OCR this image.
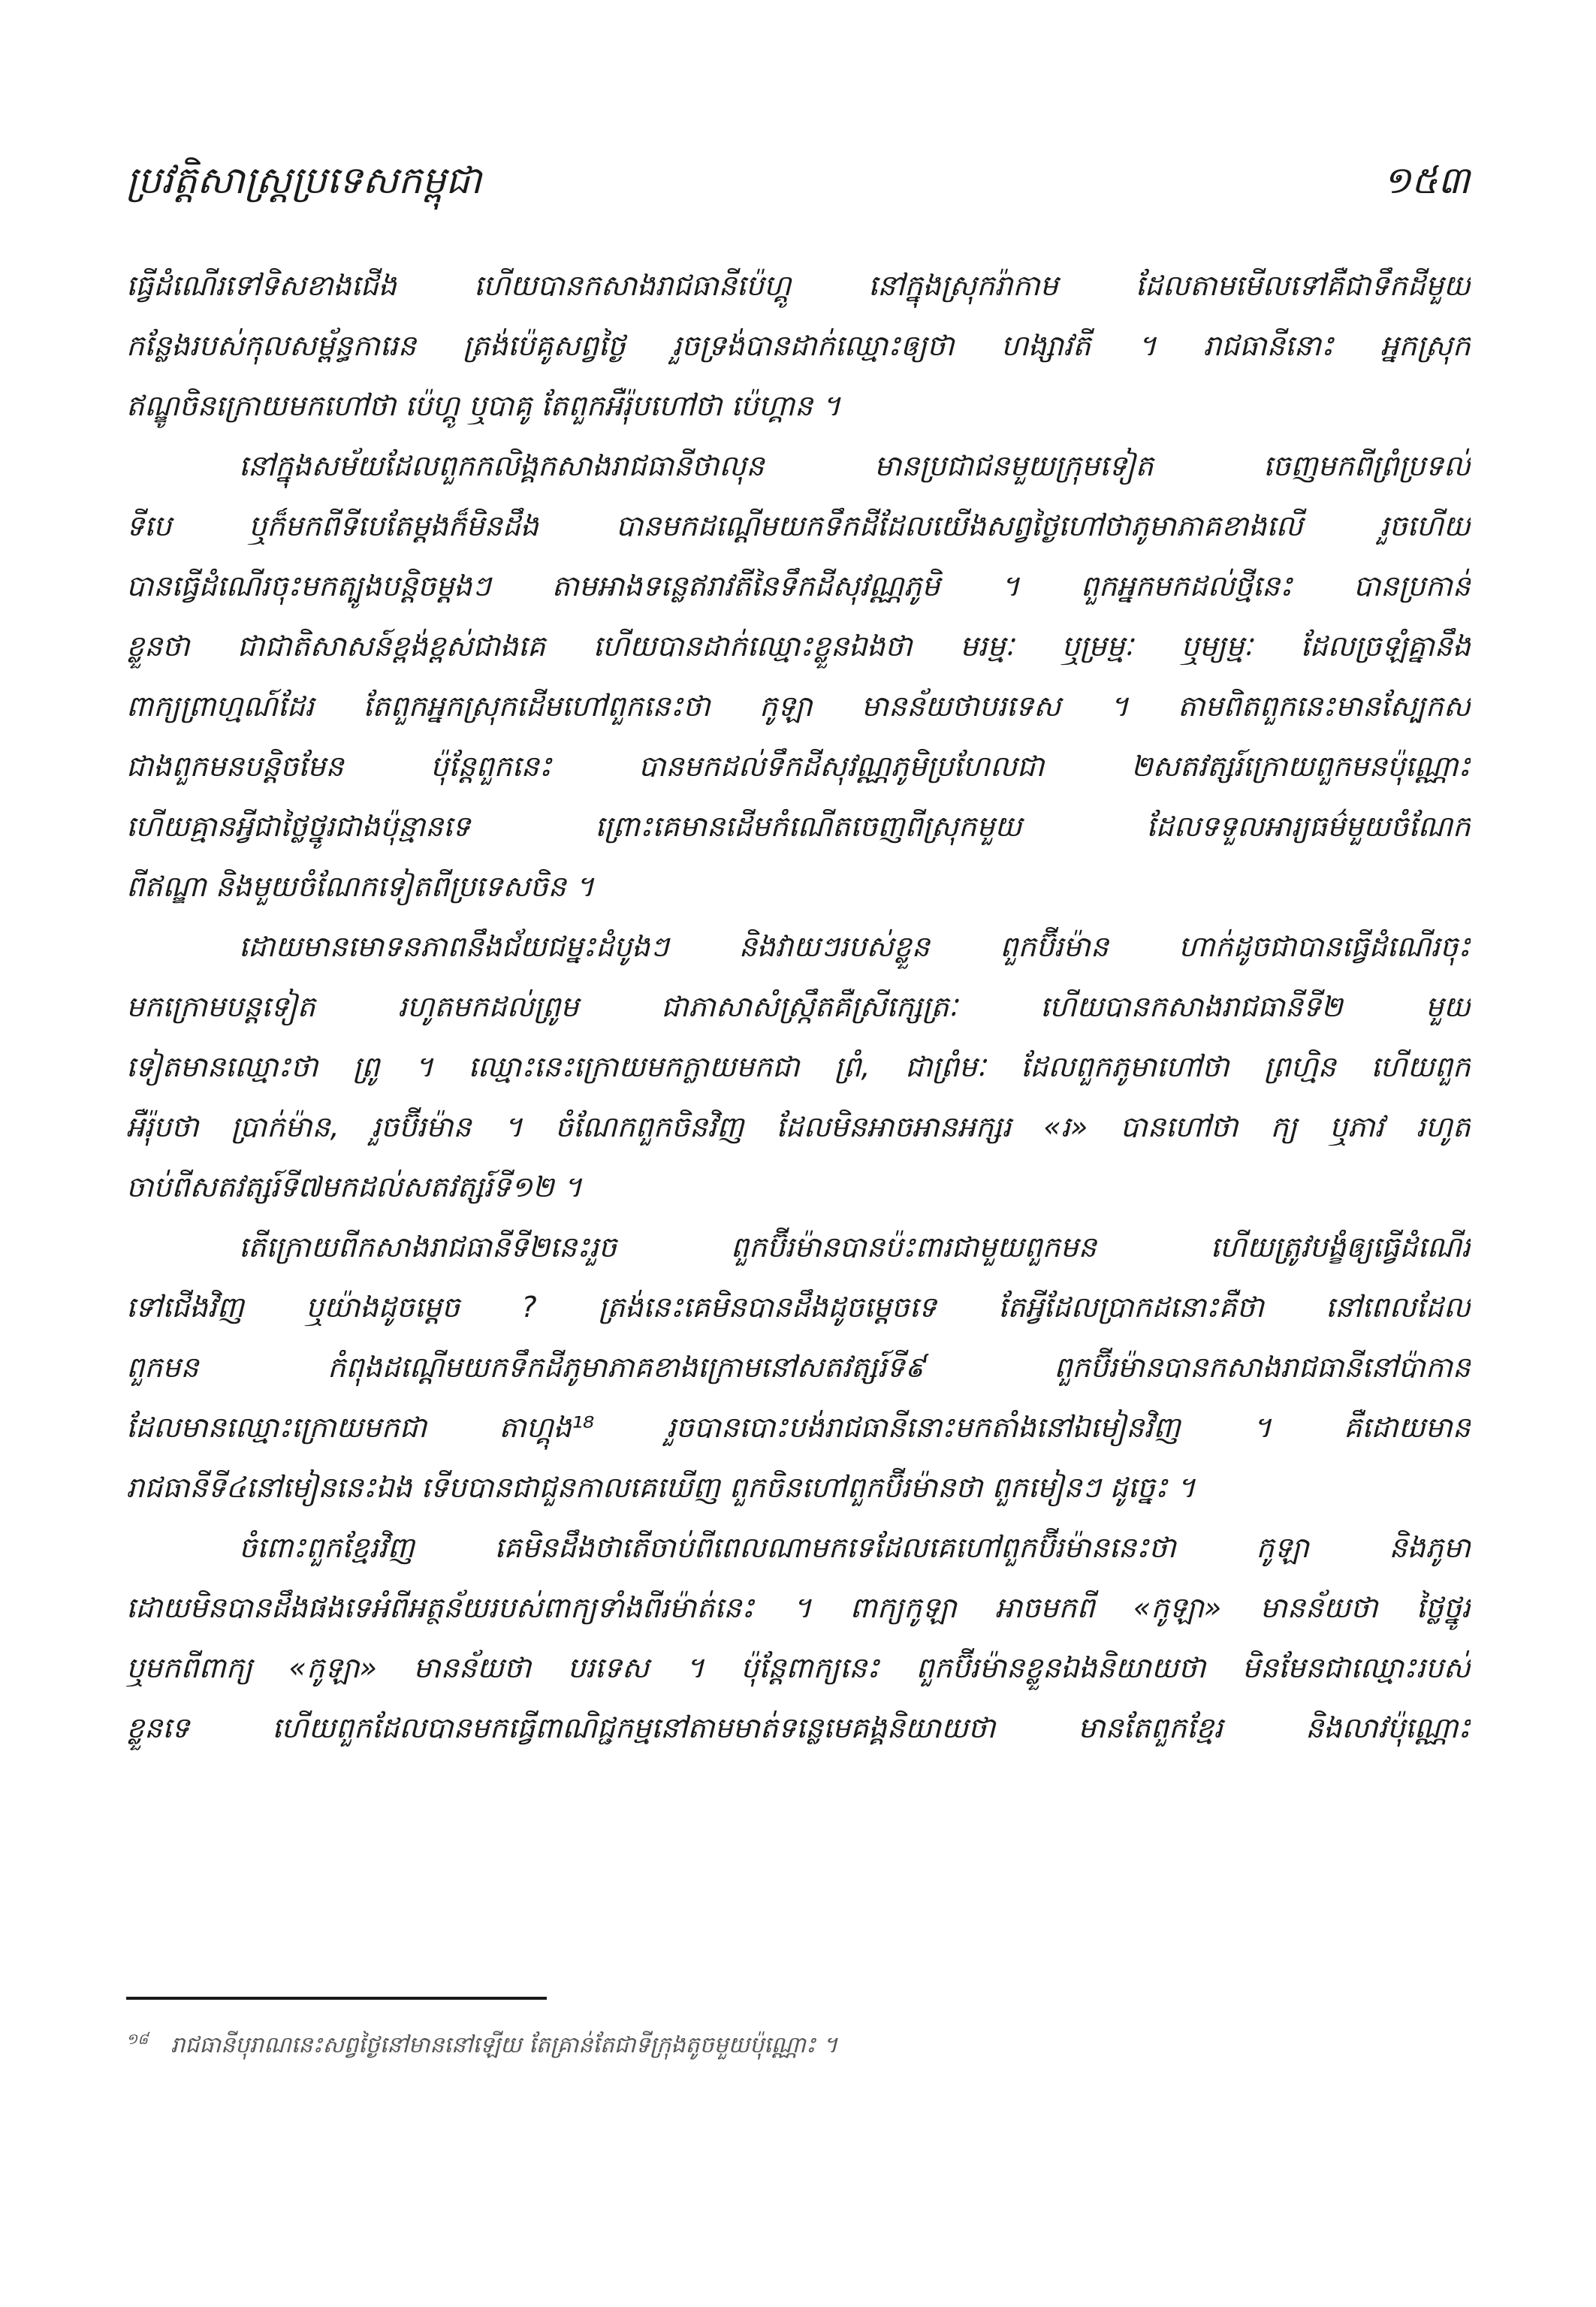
ប្រវត្តិសាស្ត្រប្រទេសកម្ពុជា	១៥៣
ធ្វើដំណើរទៅទិសខាងជើង ហើយបានកសាងរាជធានីប៉េហ្គូ នៅក្នុងស្រុករ៉ាកាម ដែលតាមមើលទៅគឺជាទឹកដីមួយ
កន្លែងរបស់កុលសម្ព័ន្ធការេន ត្រង់ប៉េគូសព្វថ្ងៃ រួចទ្រង់បានដាក់ឈ្មោះឲ្យថា ហង្សាវតី ។ រាជធានីនោះ អ្នកស្រុក
ឥណ្ឌូចិនក្រោយមកហៅថា ប៉េហ្គូ ឬបាគូ តែពួកអឺរ៉ុបហៅថា ប៉េហ្គាន ។
នៅក្នុងសម័យដែលពួកកលិង្គកសាងរាជធានីថាលុន មានប្រជាជនមួយក្រុមទៀត ចេញមកពីព្រំប្រទល់
ទីបេ ឬក៏មកពីទីបេតែម្ដងក៏មិនដឹង បានមកដណ្ដើមយកទឹកដីដែលយើងសព្វថ្ងៃហៅថាភូមាភាគខាងលើ រួចហើយ
បានធ្វើដំណើរចុះមកត្បូងបន្តិចម្ដងៗ តាមអាងទន្លេឥរាវតីនៃទឹកដីសុវណ្ណភូមិ ។ ពួកអ្នកមកដល់ថ្មីនេះ បានប្រកាន់
ខ្លួនថា ជាជាតិសាសន៍ខ្ពង់ខ្ពស់ជាងគេ ហើយបានដាក់ឈ្មោះខ្លួនឯងថា មរម្មៈ ឬម្រម្មៈ ឬម្យម្មៈ ដែលច្រឡំគ្នានឹង
ពាក្យព្រាហ្មណ៍ដែរ តែពួកអ្នកស្រុកដើមហៅពួកនេះថា កូឡា មានន័យថាបរទេស ។ តាមពិតពួកនេះមានស្បែកស
ជាងពួកមនបន្តិចមែន ប៉ុន្តែពួកនេះ បានមកដល់ទឹកដីសុវណ្ណភូមិប្រហែលជា ២សតវត្សរ៍ក្រោយពួកមនប៉ុណ្ណោះ
ហើយគ្មានអ្វីជាថ្លៃថ្នូរជាងប៉ុន្មានទេ ព្រោះគេមានដើមកំណើតចេញពីស្រុកមួយ ដែលទទួលអារ្យធម៌មួយចំណែក
ពីឥណ្ឌា និងមួយចំណែកទៀតពីប្រទេសចិន ។
ដោយមានមោទនភាពនឹងជ័យជម្នះដំបូងៗ និងវាយៗរបស់ខ្លួន ពួកប៊ីរម៉ាន ហាក់ដូចជាបានធ្វើដំណើរចុះ
មកក្រោមបន្តទៀត រហូតមកដល់ព្រូម ជាភាសាសំស្ក្រឹតគឺស្រីក្សេត្រៈ ហើយបានកសាងរាជធានីទី២ មួយ
ទៀតមានឈ្មោះថា ព្រូ ។ ឈ្មោះនេះក្រោយមកក្លាយមកជា ព្រំ, ជាព្រំមៈ ដែលពួកភូមាហៅថា ព្រហ្មិន ហើយពួក
អឺរ៉ុបថា ប្រាក់ម៉ាន, រួចប៊ីរម៉ាន ។ ចំណែកពួកចិនវិញ ដែលមិនអាចអានអក្សរ «រ» បានហៅថា ក្យ ឬភាវ រហូត
ចាប់ពីសតវត្សរ៍ទី៧មកដល់សតវត្សរ៍ទី១២ ។
តើក្រោយពីកសាងរាជធានីទី២នេះរួច ពួកប៊ីរម៉ានបានប៉ះពារជាមួយពួកមន ហើយត្រូវបង្ខំឲ្យធ្វើដំណើរ
ទៅជើងវិញ ឬយ៉ាងដូចម្ដេច ? ត្រង់នេះគេមិនបានដឹងដូចម្ដេចទេ តែអ្វីដែលប្រាកដនោះគឺថា នៅពេលដែល
ពួកមន កំពុងដណ្ដើមយកទឹកដីភូមាភាគខាងក្រោមនៅសតវត្សរ៍ទី៩ ពួកប៊ីរម៉ានបានកសាងរាជធានីនៅប៉ាកាន
ដែលមានឈ្មោះក្រោយមកជា តាហ្គុង¹⁸ រួចបានបោះបង់រាជធានីនោះមកតាំងនៅឯមៀនវិញ ។ គឺដោយមាន
រាជធានីទី៤នៅមៀននេះឯង ទើបបានជាជួនកាលគេឃើញ ពួកចិនហៅពួកប៊ីរម៉ានថា ពួកមៀនៗ ដូច្នេះ ។
ចំពោះពួកខ្មែរវិញ គេមិនដឹងថាតើចាប់ពីពេលណាមកទេដែលគេហៅពួកប៊ីរម៉ាននេះថា កូឡា និងភូមា
ដោយមិនបានដឹងផងទេអំពីអត្ថន័យរបស់ពាក្យទាំងពីរម៉ាត់នេះ ។ ពាក្យកូឡា អាចមកពី «កូឡា» មានន័យថា ថ្លៃថ្នូរ
ឬមកពីពាក្យ «កូឡា» មានន័យថា បរទេស ។ ប៉ុន្តែពាក្យនេះ ពួកប៊ីរម៉ានខ្លួនឯងនិយាយថា មិនមែនជាឈ្មោះរបស់
ខ្លួនទេ ហើយពួកដែលបានមកធ្វើពាណិជ្ជកម្មនៅតាមមាត់ទន្លេមេគង្គនិយាយថា មានតែពួកខ្មែរ និងលាវប៉ុណ្ណោះ
$^{១៨}$ រាជធានីបុរាណនេះសព្វថ្ងៃនៅមាននៅឡើយ តែគ្រាន់តែជាទីក្រុងតូចមួយប៉ុណ្ណោះ ។
